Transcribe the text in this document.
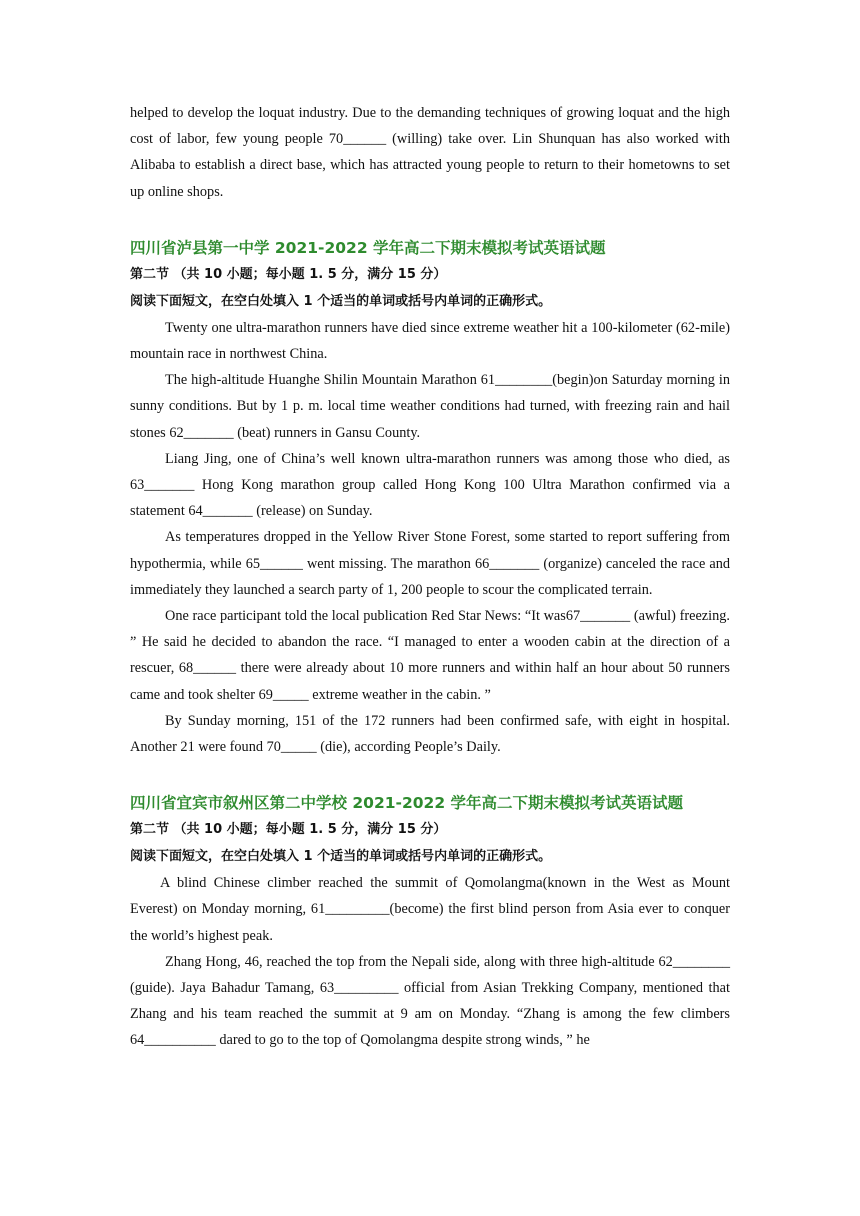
helped to develop the loquat industry. Due to the demanding techniques of growing loquat and the high cost of labor, few young people 70______ (willing) take over. Lin Shunquan has also worked with Alibaba to establish a direct base, which has attracted young people to return to their hometowns to set up online shops.

四川省泸县第一中学 2021-2022 学年高二下期末模拟考试英语试题
第二节 （共 10 小题；每小题 1. 5 分，满分 15 分）
阅读下面短文，在空白处填入 1 个适当的单词或括号内单词的正确形式。

Twenty one ultra-marathon runners have died since extreme weather hit a 100-kilometer (62-mile) mountain race in northwest China.

The high-altitude Huanghe Shilin Mountain Marathon 61________(begin)on Saturday morning in sunny conditions. But by 1 p. m. local time weather conditions had turned, with freezing rain and hail stones 62_______ (beat) runners in Gansu County.

Liang Jing, one of China’s well known ultra-marathon runners was among those who died, as 63_______ Hong Kong marathon group called Hong Kong 100 Ultra Marathon confirmed via a statement 64_______ (release) on Sunday.

As temperatures dropped in the Yellow River Stone Forest, some started to report suffering from hypothermia, while 65______ went missing. The marathon 66_______ (organize) canceled the race and immediately they launched a search party of 1, 200 people to scour the complicated terrain.

One race participant told the local publication Red Star News: “It was67_______ (awful) freezing. ” He said he decided to abandon the race. “I managed to enter a wooden cabin at the direction of a rescuer, 68______ there were already about 10 more runners and within half an hour about 50 runners came and took shelter 69_____ extreme weather in the cabin. ”

By Sunday morning, 151 of the 172 runners had been confirmed safe, with eight in hospital. Another 21 were found 70_____ (die), according People’s Daily.

四川省宜宾市叙州区第二中学校 2021-2022 学年高二下期末模拟考试英语试题
第二节 （共 10 小题；每小题 1. 5 分，满分 15 分）
阅读下面短文，在空白处填入 1 个适当的单词或括号内单词的正确形式。

A blind Chinese climber reached the summit of Qomolangma(known in the West as Mount Everest) on Monday morning, 61_________(become) the first blind person from Asia ever to conquer the world’s highest peak.

Zhang Hong, 46, reached the top from the Nepali side, along with three high-altitude 62________ (guide). Jaya Bahadur Tamang, 63_________ official from Asian Trekking Company, mentioned that Zhang and his team reached the summit at 9 am on Monday. “Zhang is among the few climbers 64__________ dared to go to the top of Qomolangma despite strong winds, ” he
